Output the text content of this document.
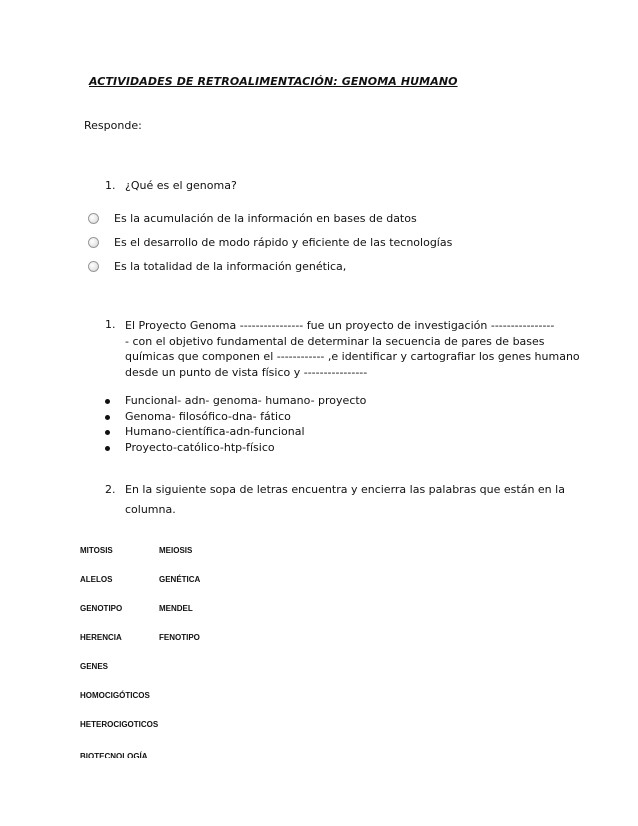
ACTIVIDADES DE RETROALIMENTACIÓN: GENOMA HUMANO
Responde:
1. ¿Qué es el genoma?
Es la acumulación de la información en bases de datos
Es el desarrollo de modo rápido y eficiente de las tecnologías
Es la totalidad de la información genética,
1. El Proyecto Genoma ---------------- fue un proyecto de investigación ----------------
- con el objetivo fundamental de determinar la secuencia de pares de bases
químicas que componen el ------------ ,e identificar y cartografiar los genes humano
desde un punto de vista físico y ----------------
Funcional- adn- genoma- humano- proyecto
Genoma- filosófico-dna- fático
Humano-científica-adn-funcional
Proyecto-católico-htp-físico
2. En la siguiente sopa de letras encuentra y encierra las palabras que están en la
columna.
MITOSIS	MEIOSIS
ALELOS	GENÉTICA
GENOTIPO	MENDEL
HERENCIA	FENOTIPO
GENES
HOMOCIGÓTICOS
HETEROCIGOTICOS
BIOTECNOLOGÍA
